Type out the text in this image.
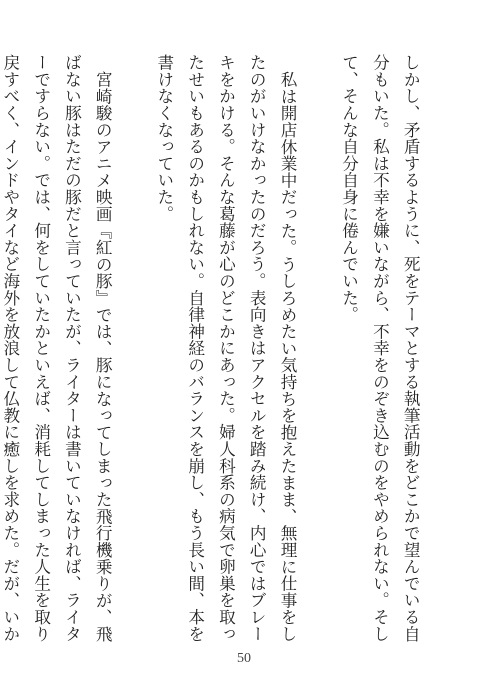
しかし、矛盾するように、死をテーマとする執筆活動をどこかで望んでいる自分もいた。私は不幸を嫌いながら、不幸をのぞき込むのをやめられない。そして、そんな自分自身に倦んでいた。

私は開店休業中だった。うしろめたい気持ちを抱えたまま、無理に仕事をしたのがいけなかったのだろう。表向きはアクセルを踏み続け、内心ではブレーキをかける。そんな葛藤が心のどこかにあった。婦人科系の病気で卵巣を取ったせいもあるのかもしれない。自律神経のバランスを崩し、もう長い間、本を書けなくなっていた。

宮崎駿のアニメ映画『紅の豚』では、豚になってしまった飛行機乗りが、飛ばない豚はただの豚だと言っていたが、ライターは書いていなければ、ライターですらない。では、何をしていたかといえば、消耗してしまった人生を取り戻すべく、インドやタイなど海外を放浪して仏教に癒しを求めた。だが、いか

50
